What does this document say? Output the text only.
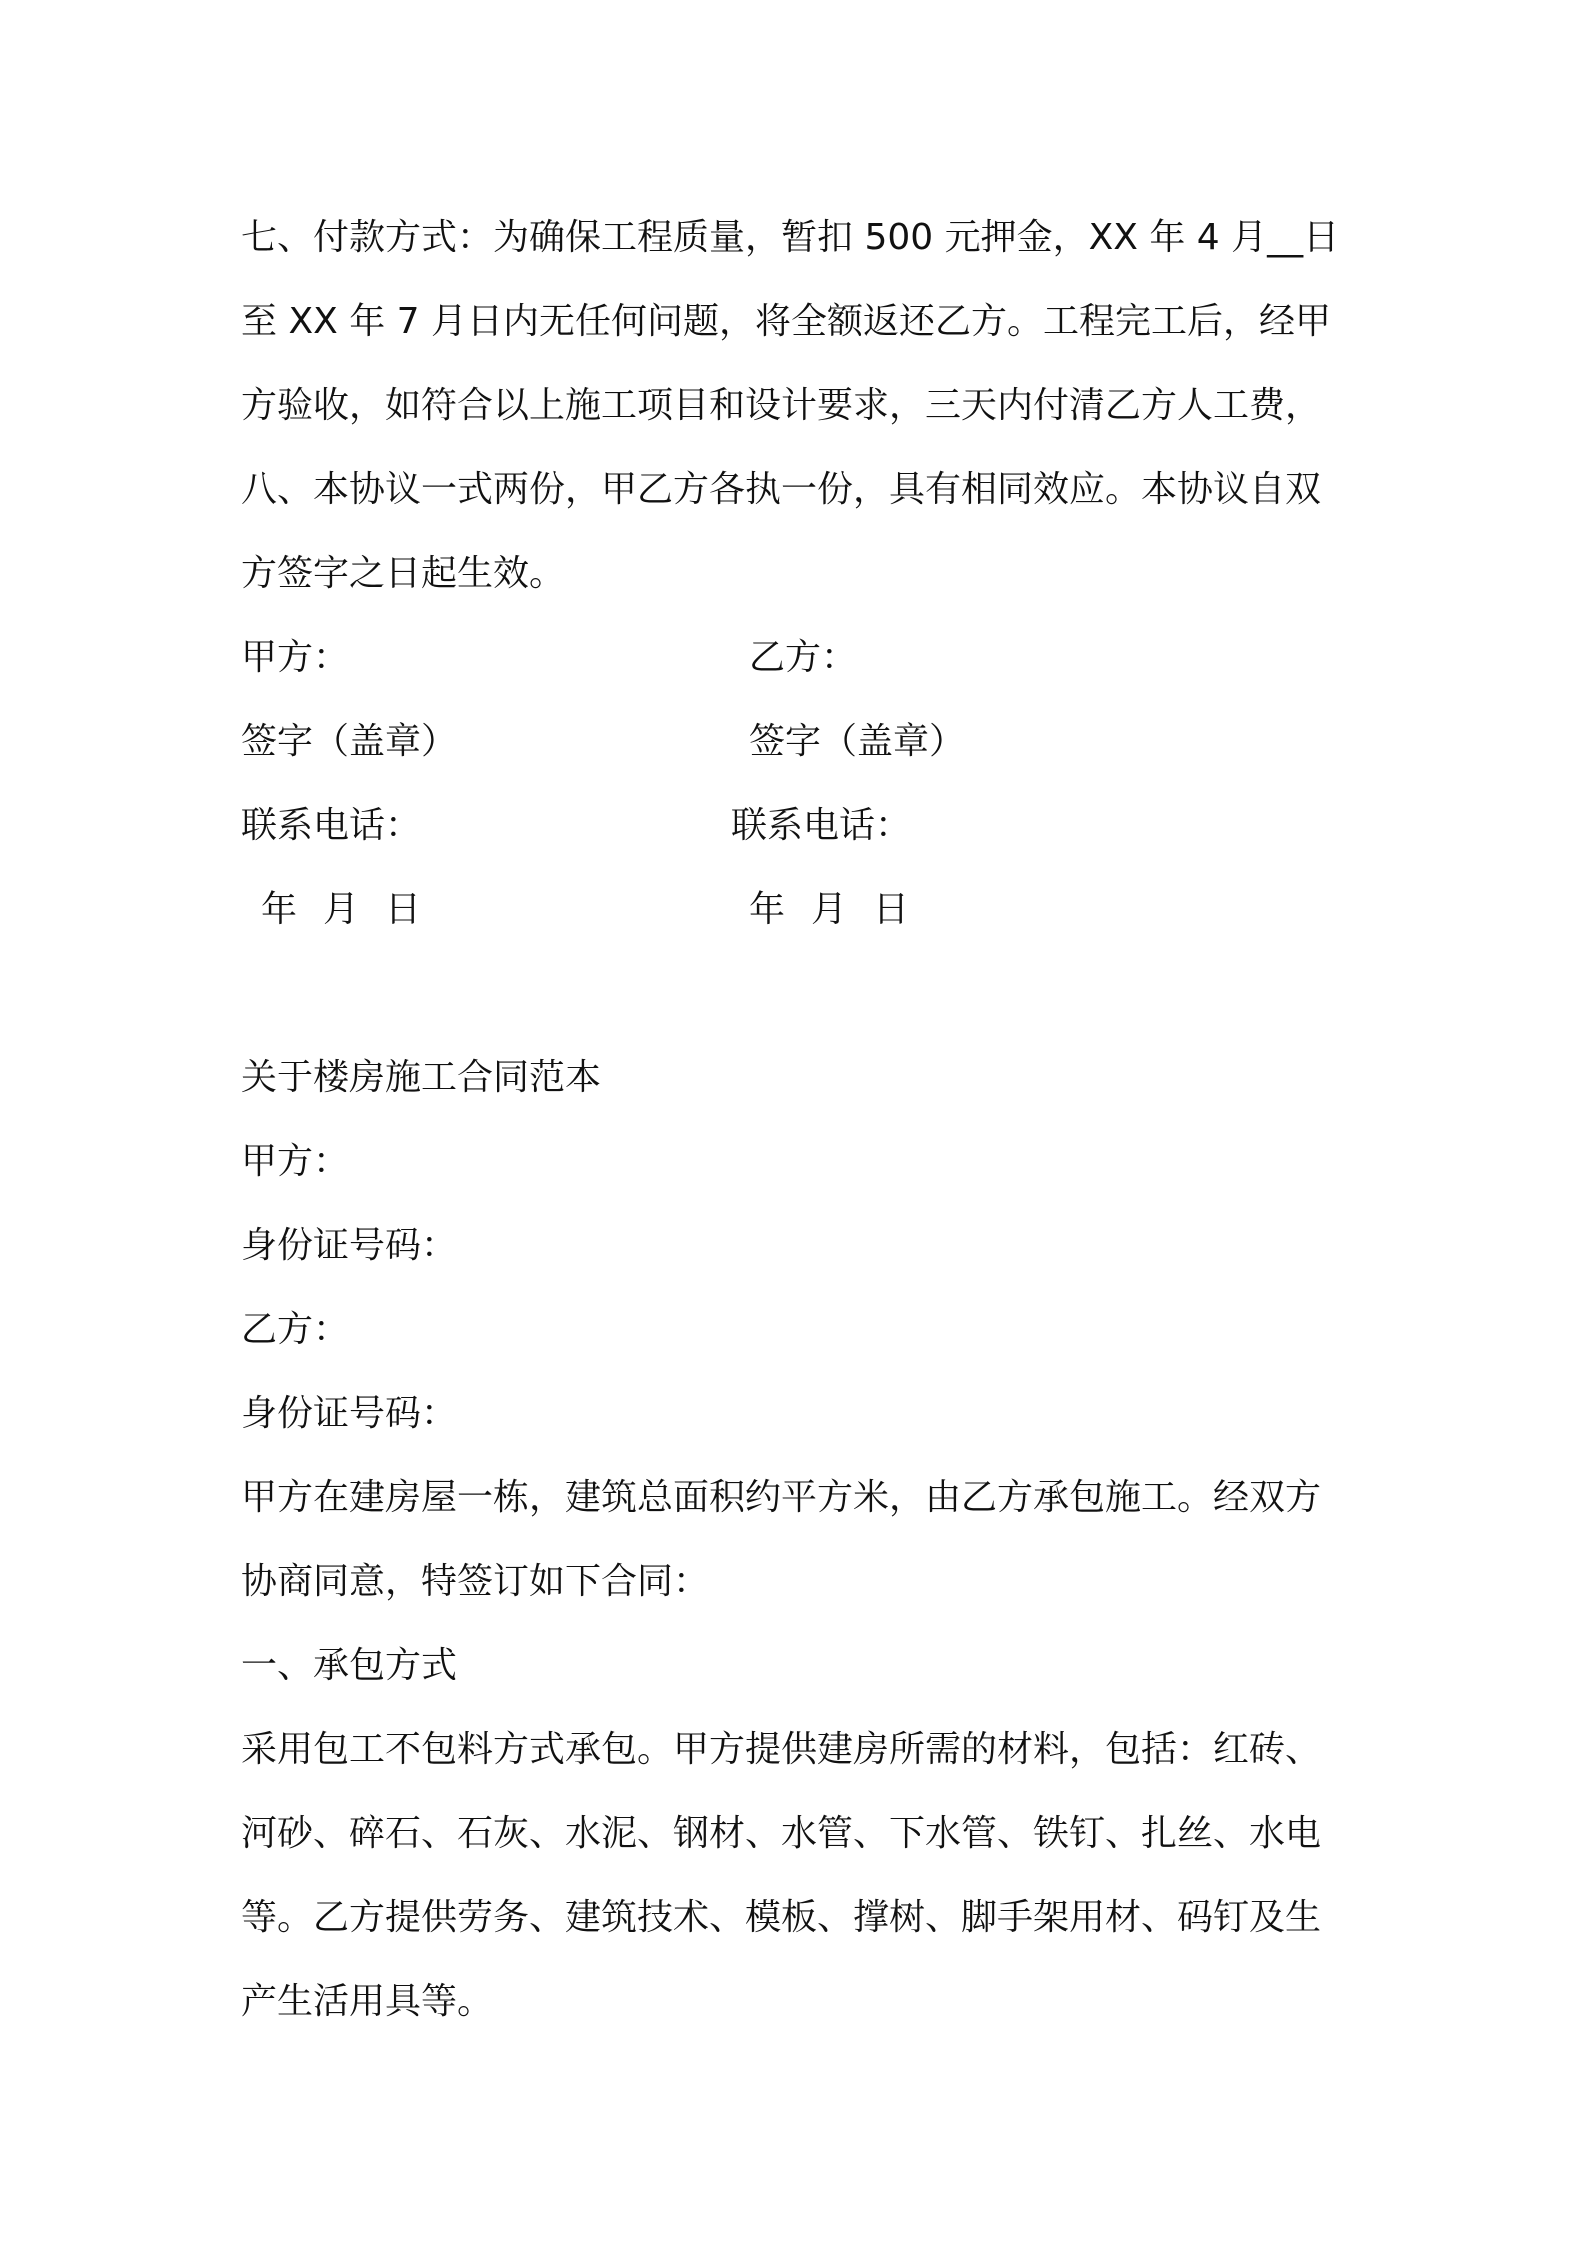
七、付款方式：为确保工程质量，暂扣 500 元押金，XX 年 4 月__日
至 XX 年 7 月日内无任何问题，将全额返还乙方。工程完工后，经甲
方验收，如符合以上施工项目和设计要求，三天内付清乙方人工费，
八、本协议一式两份，甲乙方各执一份，具有相同效应。本协议自双
方签字之日起生效。
甲方：	乙方：
签字（盖章）	签字（盖章）
联系电话：	联系电话：
年 月 日	年 月 日
关于楼房施工合同范本
甲方：
身份证号码：
乙方：
身份证号码：
甲方在建房屋一栋，建筑总面积约平方米，由乙方承包施工。经双方
协商同意，特签订如下合同：
一、承包方式
采用包工不包料方式承包。甲方提供建房所需的材料，包括：红砖、
河砂、碎石、石灰、水泥、钢材、水管、下水管、铁钉、扎丝、水电
等。乙方提供劳务、建筑技术、模板、撑树、脚手架用材、码钉及生
产生活用具等。
